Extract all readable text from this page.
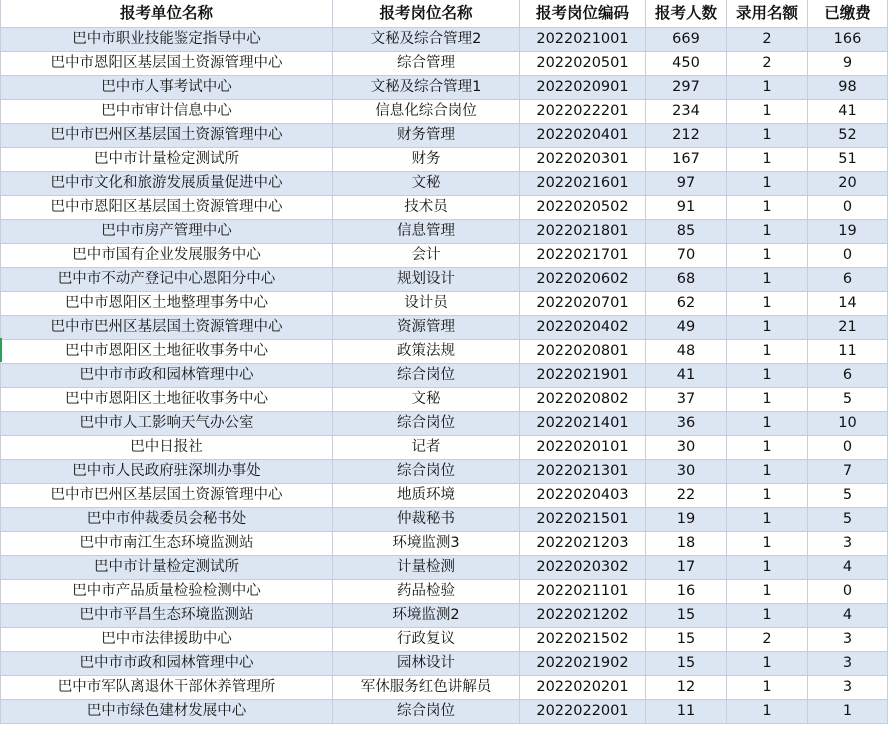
报考单位名称	报考岗位名称	报考岗位编码	报考人数	录用名额	已缴费
巴中市职业技能鉴定指导中心	文秘及综合管理2	2022021001	669	2	166
巴中市恩阳区基层国土资源管理中心	综合管理	2022020501	450	2	9
巴中市人事考试中心	文秘及综合管理1	2022020901	297	1	98
巴中市审计信息中心	信息化综合岗位	2022022201	234	1	41
巴中市巴州区基层国土资源管理中心	财务管理	2022020401	212	1	52
巴中市计量检定测试所	财务	2022020301	167	1	51
巴中市文化和旅游发展质量促进中心	文秘	2022021601	97	1	20
巴中市恩阳区基层国土资源管理中心	技术员	2022020502	91	1	0
巴中市房产管理中心	信息管理	2022021801	85	1	19
巴中市国有企业发展服务中心	会计	2022021701	70	1	0
巴中市不动产登记中心恩阳分中心	规划设计	2022020602	68	1	6
巴中市恩阳区土地整理事务中心	设计员	2022020701	62	1	14
巴中市巴州区基层国土资源管理中心	资源管理	2022020402	49	1	21
巴中市恩阳区土地征收事务中心	政策法规	2022020801	48	1	11
巴中市市政和园林管理中心	综合岗位	2022021901	41	1	6
巴中市恩阳区土地征收事务中心	文秘	2022020802	37	1	5
巴中市人工影响天气办公室	综合岗位	2022021401	36	1	10
巴中日报社	记者	2022020101	30	1	0
巴中市人民政府驻深圳办事处	综合岗位	2022021301	30	1	7
巴中市巴州区基层国土资源管理中心	地质环境	2022020403	22	1	5
巴中市仲裁委员会秘书处	仲裁秘书	2022021501	19	1	5
巴中市南江生态环境监测站	环境监测3	2022021203	18	1	3
巴中市计量检定测试所	计量检测	2022020302	17	1	4
巴中市产品质量检验检测中心	药品检验	2022021101	16	1	0
巴中市平昌生态环境监测站	环境监测2	2022021202	15	1	4
巴中市法律援助中心	行政复议	2022021502	15	2	3
巴中市市政和园林管理中心	园林设计	2022021902	15	1	3
巴中市军队离退休干部休养管理所	军休服务红色讲解员	2022020201	12	1	3
巴中市绿色建材发展中心	综合岗位	2022022001	11	1	1
